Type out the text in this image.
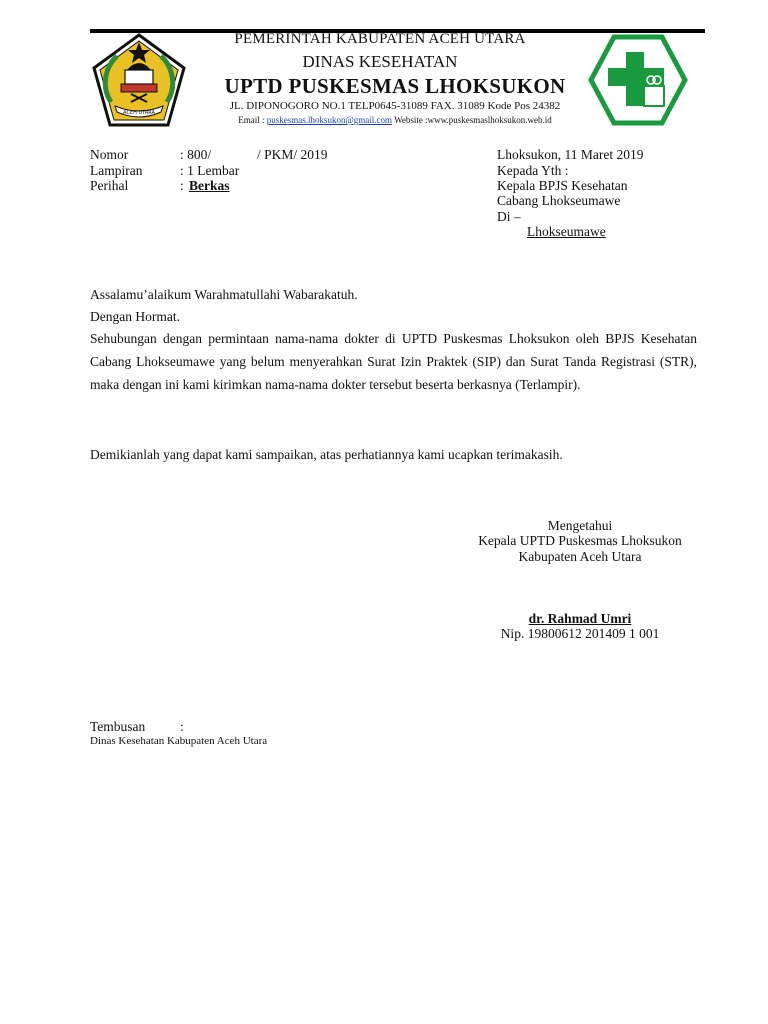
ACEH UTARA
PEMERINTAH KABUPATEN ACEH UTARA
DINAS KESEHATAN
UPTD PUSKESMAS LHOKSUKON
JL. DIPONOGORO NO.1 TELP0645-31089 FAX. 31089 Kode Pos 24382
Email : puskesmas.lhoksukon@gmail.com Website :www.puskesmaslhoksukon.web.id
Nomor	: 800/	/ PKM/ 2019
Lampiran	: 1 Lembar
Perihal	: Berkas
Lhoksukon, 11 Maret 2019
Kepada Yth :
Kepala BPJS Kesehatan
Cabang Lhokseumawe
Di –
Lhokseumawe
Assalamu’alaikum Warahmatullahi Wabarakatuh.
Dengan Hormat.
Sehubungan dengan permintaan nama-nama dokter di UPTD Puskesmas Lhoksukon oleh BPJS Kesehatan Cabang Lhokseumawe yang belum menyerahkan Surat Izin Praktek (SIP) dan Surat Tanda Registrasi (STR), maka dengan ini kami kirimkan nama-nama dokter tersebut beserta berkasnya (Terlampir).
Demikianlah yang dapat kami sampaikan, atas perhatiannya kami ucapkan terimakasih.
Mengetahui
Kepala UPTD Puskesmas Lhoksukon
Kabupaten Aceh Utara
dr. Rahmad Umri
Nip. 19800612 201409 1 001
Tembusan	:
Dinas Kesehatan Kabupaten Aceh Utara
